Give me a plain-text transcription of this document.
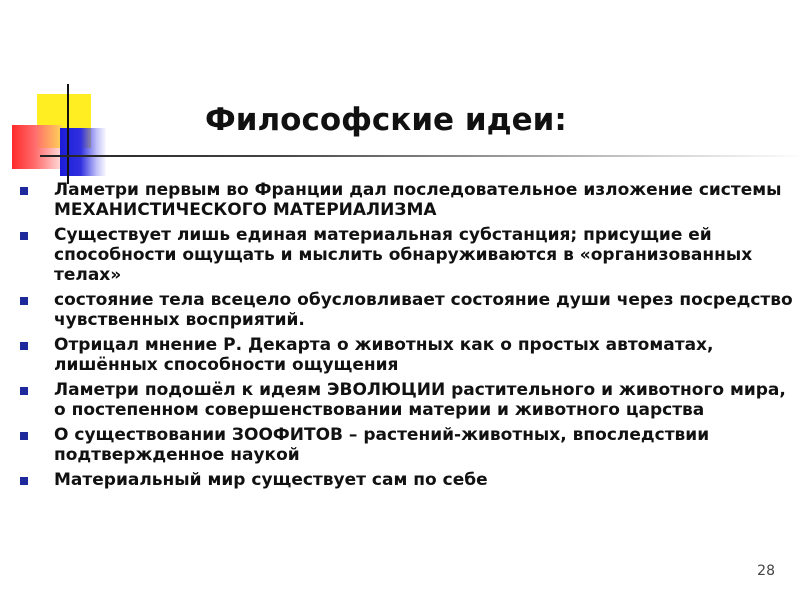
Философские идеи:
Ламетри первым во Франции дал последовательное изложение системы МЕХАНИСТИЧЕСКОГО МАТЕРИАЛИЗМА
Существует лишь единая материальная субстанция; присущие ей способности ощущать и мыслить обнаруживаются в «организованных телах»
состояние тела всецело обусловливает состояние души через посредство чувственных восприятий.
Отрицал мнение Р. Декарта о животных как о простых автоматах, лишённых способности ощущения
Ламетри подошёл к идеям ЭВОЛЮЦИИ растительного и животного мира, о постепенном совершенствовании материи и животного царства
О существовании ЗООФИТОВ – растений-животных, впоследствии подтвержденное наукой
Материальный мир существует сам по себе
28
